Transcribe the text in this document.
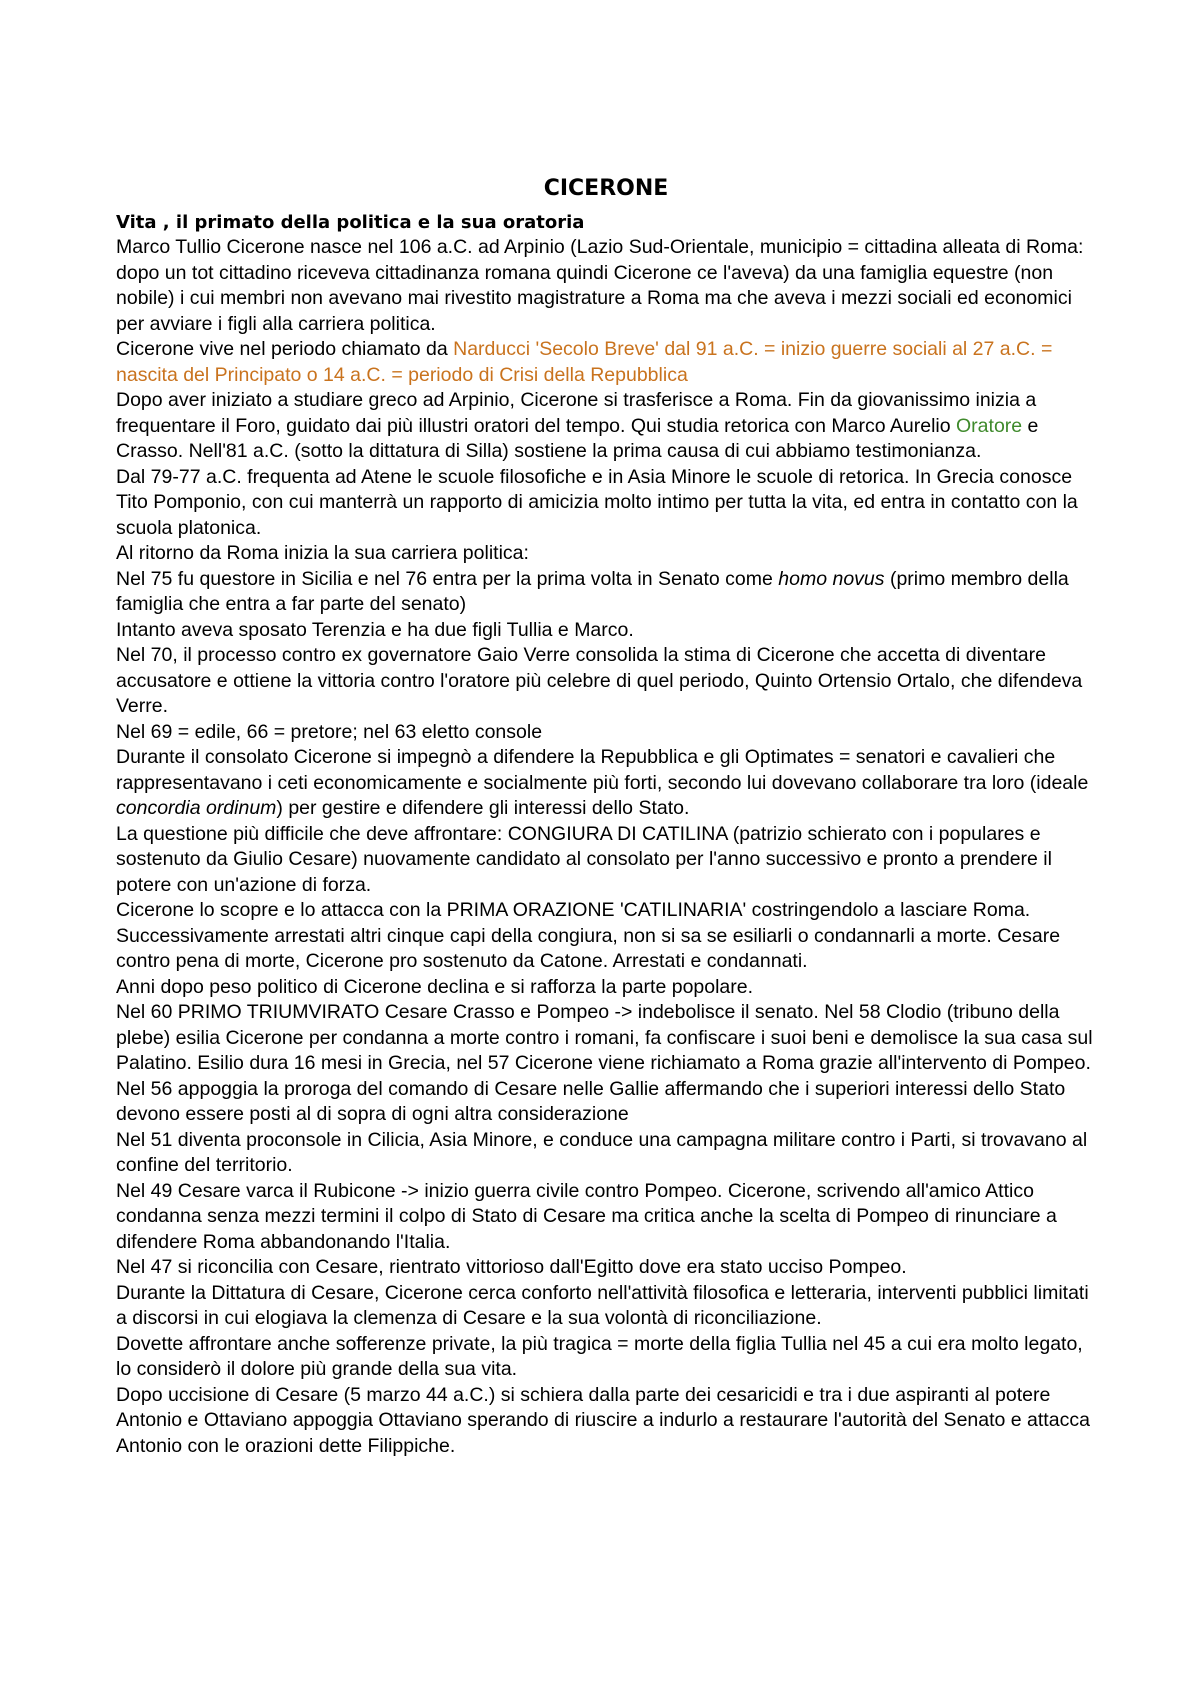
CICERONE
Vita , il primato della politica e la sua oratoria

Marco Tullio Cicerone nasce nel 106 a.C. ad Arpinio (Lazio Sud-Orientale, municipio = cittadina alleata di Roma: dopo un tot cittadino riceveva cittadinanza romana quindi Cicerone ce l'aveva) da una famiglia equestre (non nobile) i cui membri non avevano mai rivestito magistrature a Roma ma che aveva i mezzi sociali ed economici per avviare i figli alla carriera politica.

Cicerone vive nel periodo chiamato da Narducci 'Secolo Breve' dal 91 a.C. = inizio guerre sociali al 27 a.C. = nascita del Principato o 14 a.C. = periodo di Crisi della Repubblica

Dopo aver iniziato a studiare greco ad Arpinio, Cicerone si trasferisce a Roma. Fin da giovanissimo inizia a frequentare il Foro, guidato dai più illustri oratori del tempo. Qui studia retorica con Marco Aurelio Oratore e Crasso. Nell'81 a.C. (sotto la dittatura di Silla) sostiene la prima causa di cui abbiamo testimonianza.

Dal 79-77 a.C. frequenta ad Atene le scuole filosofiche e in Asia Minore le scuole di retorica. In Grecia conosce Tito Pomponio, con cui manterrà un rapporto di amicizia molto intimo per tutta la vita, ed entra in contatto con la scuola platonica.

Al ritorno da Roma inizia la sua carriera politica:

Nel 75 fu questore in Sicilia e nel 76 entra per la prima volta in Senato come homo novus (primo membro della famiglia che entra a far parte del senato)

Intanto aveva sposato Terenzia e ha due figli Tullia e Marco.

Nel 70, il processo contro ex governatore Gaio Verre consolida la stima di Cicerone che accetta di diventare accusatore e ottiene la vittoria contro l'oratore più celebre di quel periodo, Quinto Ortensio Ortalo, che difendeva Verre.

Nel 69 = edile, 66 = pretore; nel 63 eletto console

Durante il consolato Cicerone si impegnò a difendere la Repubblica e gli Optimates = senatori e cavalieri che rappresentavano i ceti economicamente e socialmente più forti, secondo lui dovevano collaborare tra loro (ideale concordia ordinum) per gestire e difendere gli interessi dello Stato.

La questione più difficile che deve affrontare: CONGIURA DI CATILINA (patrizio schierato con i populares e sostenuto da Giulio Cesare) nuovamente candidato al consolato per l'anno successivo e pronto a prendere il potere con un'azione di forza.

Cicerone lo scopre e lo attacca con la PRIMA ORAZIONE 'CATILINARIA' costringendolo a lasciare Roma. Successivamente arrestati altri cinque capi della congiura, non si sa se esiliarli o condannarli a morte. Cesare contro pena di morte, Cicerone pro sostenuto da Catone. Arrestati e condannati.

Anni dopo peso politico di Cicerone declina e si rafforza la parte popolare.

Nel 60 PRIMO TRIUMVIRATO Cesare Crasso e Pompeo -> indebolisce il senato. Nel 58 Clodio (tribuno della plebe) esilia Cicerone per condanna a morte contro i romani, fa confiscare i suoi beni e demolisce la sua casa sul Palatino. Esilio dura 16 mesi in Grecia, nel 57 Cicerone viene richiamato a Roma grazie all'intervento di Pompeo.

Nel 56 appoggia la proroga del comando di Cesare nelle Gallie affermando che i superiori interessi dello Stato devono essere posti al di sopra di ogni altra considerazione

Nel 51 diventa proconsole in Cilicia, Asia Minore, e conduce una campagna militare contro i Parti, si trovavano al confine del territorio.

Nel 49 Cesare varca il Rubicone -> inizio guerra civile contro Pompeo. Cicerone, scrivendo all'amico Attico condanna senza mezzi termini il colpo di Stato di Cesare ma critica anche la scelta di Pompeo di rinunciare a difendere Roma abbandonando l'Italia.

Nel 47 si riconcilia con Cesare, rientrato vittorioso dall'Egitto dove era stato ucciso Pompeo.

Durante la Dittatura di Cesare, Cicerone cerca conforto nell'attività filosofica e letteraria, interventi pubblici limitati a discorsi in cui elogiava la clemenza di Cesare e la sua volontà di riconciliazione.

Dovette affrontare anche sofferenze private, la più tragica = morte della figlia Tullia nel 45 a cui era molto legato, lo considerò il dolore più grande della sua vita.

Dopo uccisione di Cesare (5 marzo 44 a.C.) si schiera dalla parte dei cesaricidi e tra i due aspiranti al potere Antonio e Ottaviano appoggia Ottaviano sperando di riuscire a indurlo a restaurare l'autorità del Senato e attacca Antonio con le orazioni dette Filippiche.
